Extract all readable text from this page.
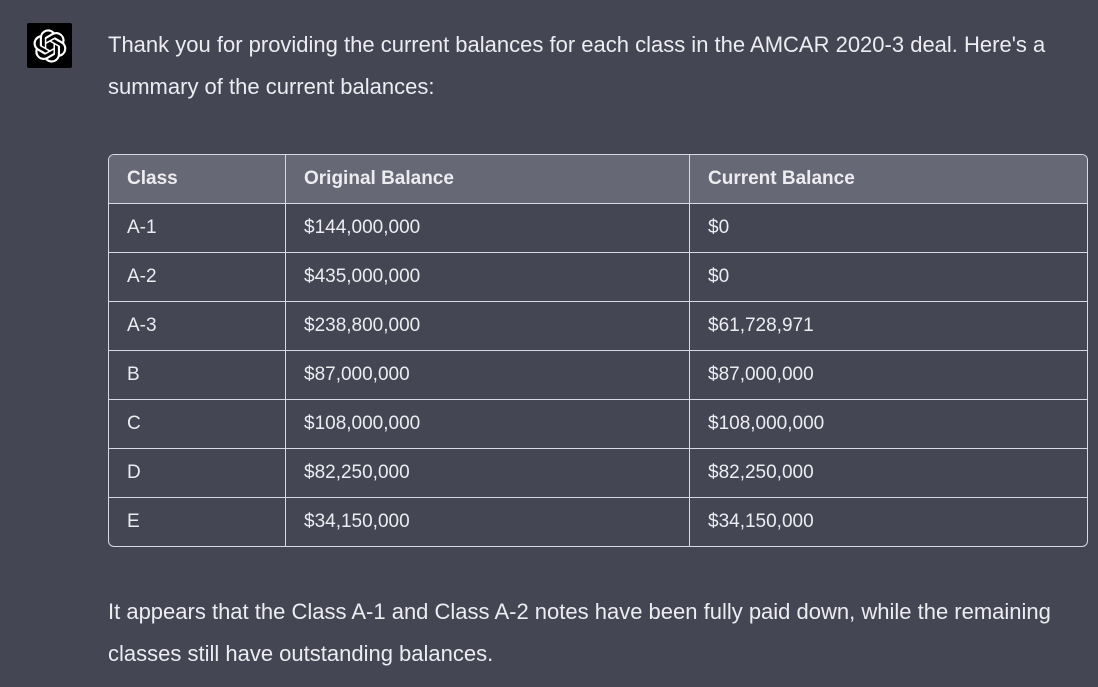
Thank you for providing the current balances for each class in the AMCAR 2020-3 deal. Here's a summary of the current balances:

Class	Original Balance	Current Balance
A-1	$144,000,000	$0
A-2	$435,000,000	$0
A-3	$238,800,000	$61,728,971
B	$87,000,000	$87,000,000
C	$108,000,000	$108,000,000
D	$82,250,000	$82,250,000
E	$34,150,000	$34,150,000

It appears that the Class A-1 and Class A-2 notes have been fully paid down, while the remaining classes still have outstanding balances.
